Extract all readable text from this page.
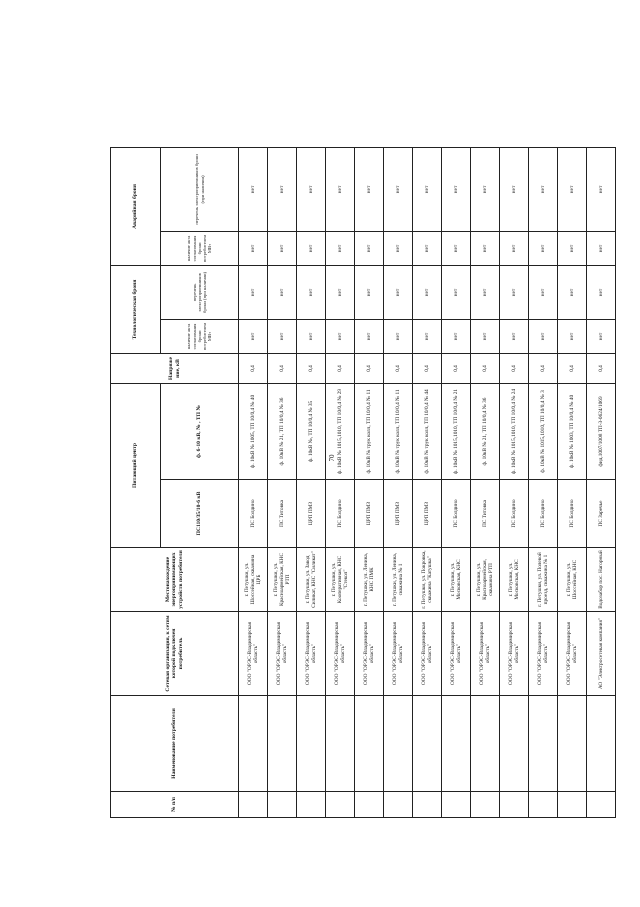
70
№ п/п	Наименование потребителя	Сетевая организация, к сетям которой подключен потребитель	Местонахождение энергопринимающих устройств потребителя	Питающий центр		Напряжение, кВ	Технологическая броня		Аварийная броня	
				ПС110/35/10-6 кВ	ф. 6-10 кВ, № , ТП №		наличие акта согласования брони потребителем МВт	перечень электроприемников брони (при наличии)	наличие акта согласования брони потребителем МВт	перечень электроприемников брони (при наличии)

		ООО "ОРЭС-Владимирская область"	г. Петушки, ул. Шоссейная, скважина ЦРБ	ПС Болдино	ф. 10кВ № 1005, ТП 10/0,4 № 40	0,4	нет	нет	нет	нет
		ООО "ОРЭС-Владимирская область"	г. Петушки, ул. Красноармейская, КНС РТП	ПС Титовка	ф. 10кВ № 21, ТП 10/0,4 № 36	0,4	нет	нет	нет	нет
		ООО "ОРЭС-Владимирская область"	г. Петушки, ул. Завод Силикат, КНС "Силикат"	ЦРП ПМЗ	ф. 10кВ №, ТП 10/0,4 № 35	0,4	нет	нет	нет	нет
		ООО "ОРЭС-Владимирская область"	г. Петушки, ул. Кооперативная, КНС "Стекол"	ПС Болдино	ф. 10кВ № 1015,1010, ТП 10/0,4 № 29	0,4	нет	нет	нет	нет
		ООО "ОРЭС-Владимирская область"	г. Петушки, ул. Ленина, КНС ПМК	ЦРП ПМЗ	ф. 10кВ № трук колл, ТП 10/0,4 № 11	0,4	нет	нет	нет	нет
		ООО "ОРЭС-Владимирская область"	г. Петушки, ул. Ленина, скважина № 1	ЦРП ПМЗ	ф. 10кВ № трук колл, ТП 10/0,4 № 11	0,4	нет	нет	нет	нет
		ООО "ОРЭС-Владимирская область"	г. Петушки, ул. Покровка, скважина "Катушка"	ЦРП ПМЗ	ф. 10кВ № трук колл, ТП 10/0,4 № 44	0,4	нет	нет	нет	нет
		ООО "ОРЭС-Владимирская область"	г. Петушки, ул. Московская, КНС	ПС Болдино	ф. 10кВ № 1015,1010, ТП 10/0,4 № 21	0,4	нет	нет	нет	нет
		ООО "ОРЭС-Владимирская область"	г. Петушки, ул. Красноармейская, скважина РТП	ПС Титовка	ф. 10кВ № 21, ТП 10/0,4 № 36	0,4	нет	нет	нет	нет
		ООО "ОРЭС-Владимирская область"	г. Петушки, ул. Московская, КНС	ПС Болдино	ф. 10кВ № 1015,1010, ТП 10/0,4 № 24	0,4	нет	нет	нет	нет
		ООО "ОРЭС-Владимирская область"	г. Петушки, ул. Полевой проезд, скважина № 1	ПС Болдино	ф. 10кВ № 1015,1010, ТП 10/0,4 № 3	0,4	нет	нет	нет	нет
		ООО "ОРЭС-Владимирская область"	г. Петушки, ул. Шоссейная, КНС	ПС Болдино	ф. 10кВ № 1003, ТП 10/0,4 № 40	0,4	нет	нет	нет	нет
		АО "Электросетевая компания"	Водозабор пос. Нагорный	ПС Заречье	фид.1007/1008 ТП-3-0624/1069	0,4	нет	нет	нет	нет
